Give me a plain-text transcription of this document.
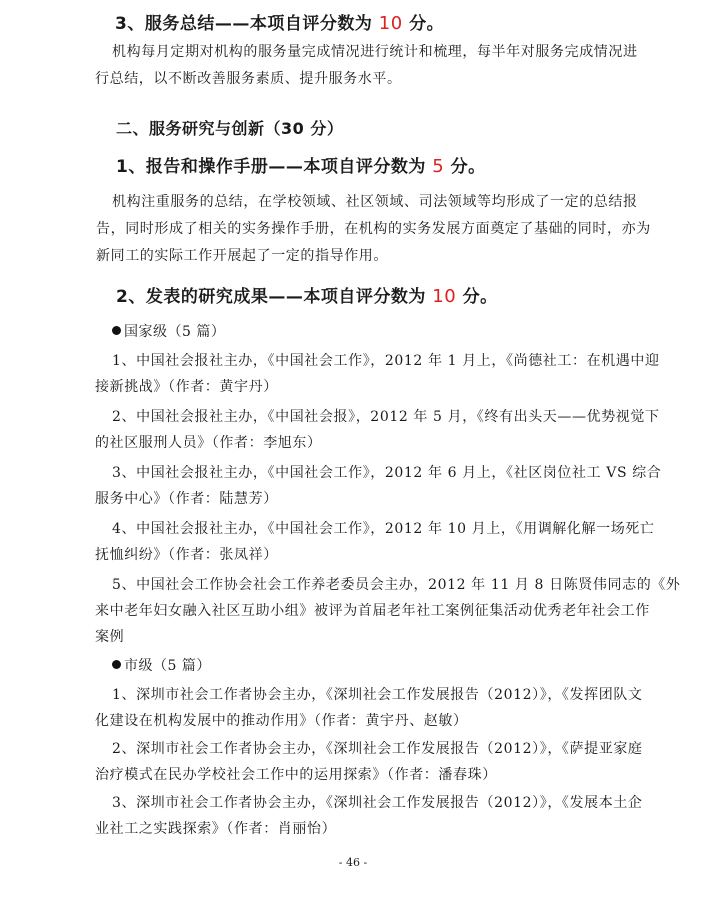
3、服务总结——本项自评分数为 10 分。
机构每月定期对机构的服务量完成情况进行统计和梳理，每半年对服务完成情况进
行总结，以不断改善服务素质、提升服务水平。
二、服务研究与创新（30 分）
1、报告和操作手册——本项自评分数为 5 分。
机构注重服务的总结，在学校领域、社区领域、司法领域等均形成了一定的总结报
告，同时形成了相关的实务操作手册，在机构的实务发展方面奠定了基础的同时，亦为
新同工的实际工作开展起了一定的指导作用。
2、发表的研究成果——本项自评分数为 10 分。
国家级（5 篇）
1、中国社会报社主办，《中国社会工作》，2012 年 1 月上，《尚德社工：在机遇中迎
接新挑战》（作者：黄宇丹）
2、中国社会报社主办，《中国社会报》，2012 年 5 月，《终有出头天——优势视觉下
的社区服刑人员》（作者：李旭东）
3、中国社会报社主办，《中国社会工作》，2012 年 6 月上，《社区岗位社工 VS 综合
服务中心》（作者：陆慧芳）
4、中国社会报社主办，《中国社会工作》，2012 年 10 月上，《用调解化解一场死亡
抚恤纠纷》（作者：张凤祥）
5、中国社会工作协会社会工作养老委员会主办，2012 年 11 月 8 日陈贤伟同志的《外
来中老年妇女融入社区互助小组》被评为首届老年社工案例征集活动优秀老年社会工作
案例
市级（5 篇）
1、深圳市社会工作者协会主办，《深圳社会工作发展报告（2012）》，《发挥团队文
化建设在机构发展中的推动作用》（作者：黄宇丹、赵敏）
2、深圳市社会工作者协会主办，《深圳社会工作发展报告（2012）》，《萨提亚家庭
治疗模式在民办学校社会工作中的运用探索》（作者：潘春珠）
3、深圳市社会工作者协会主办，《深圳社会工作发展报告（2012）》，《发展本土企
业社工之实践探索》（作者：肖丽怡）
- 46 -
